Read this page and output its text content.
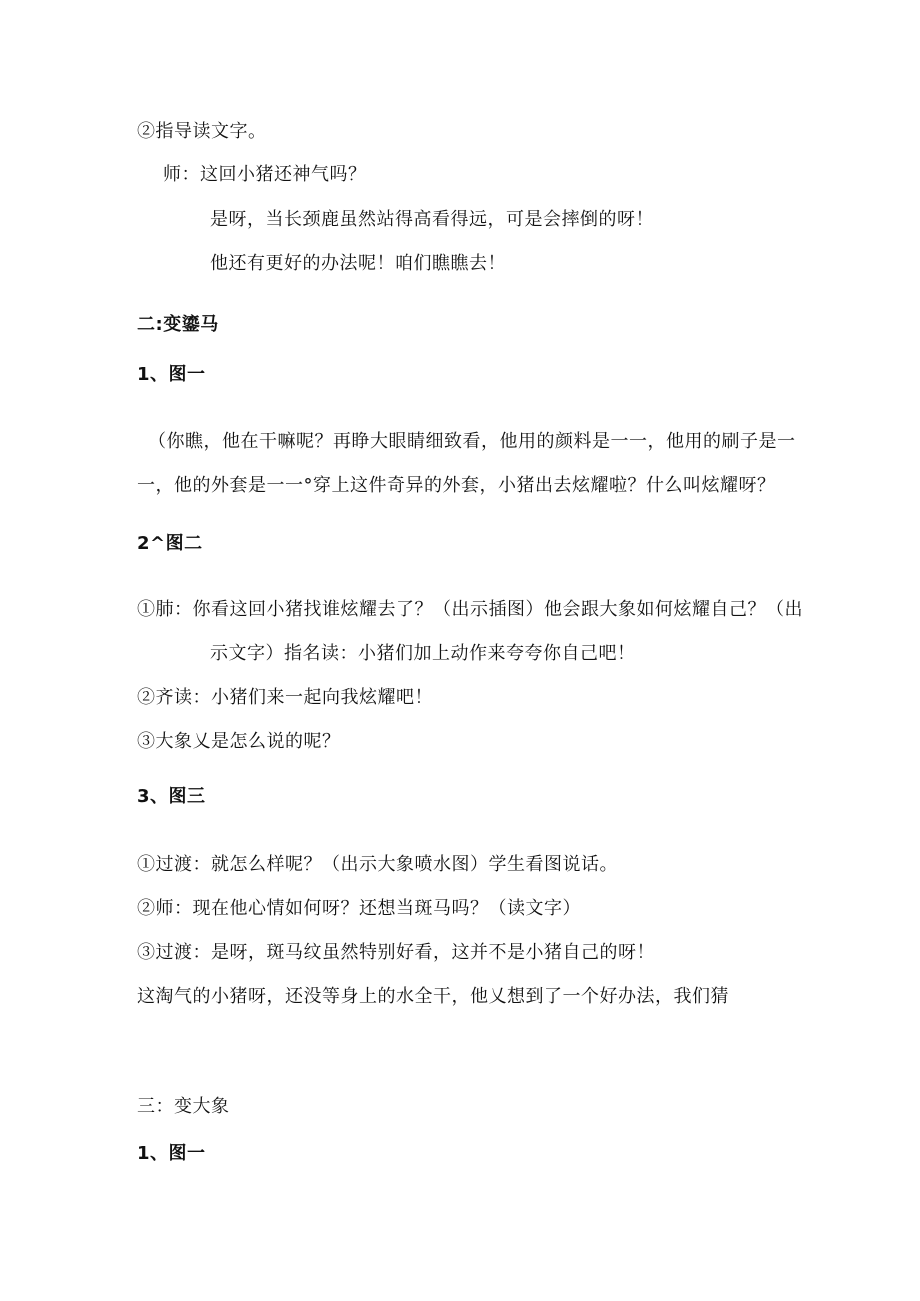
②指导读文字。
师：这回小猪还神气吗？
是呀，当长颈鹿虽然站得高看得远，可是会摔倒的呀！
他还有更好的办法呢！咱们瞧瞧去！
二:变鎏马
1、图一
（你瞧，他在干嘛呢？再睁大眼睛细致看，他用的颜料是一一，他用的刷子是一
一，他的外套是一一°穿上这件奇异的外套，小猪出去炫耀啦？什么叫炫耀呀？
2^图二
①肺：你看这回小猪找谁炫耀去了？（出示插图）他会跟大象如何炫耀自己？（出
示文字）指名读：小猪们加上动作来夸夸你自己吧！
②齐读：小猪们来一起向我炫耀吧！
③大象乂是怎么说的呢？
3、图三
①过渡：就怎么样呢？（出示大象喷水图）学生看图说话。
②师：现在他心情如何呀？还想当斑马吗？（读文字）
③过渡：是呀，斑马纹虽然特别好看，这并不是小猪自己的呀！
这淘气的小猪呀，还没等身上的水全干，他乂想到了一个好办法，我们猜
三：变大象
1、图一
